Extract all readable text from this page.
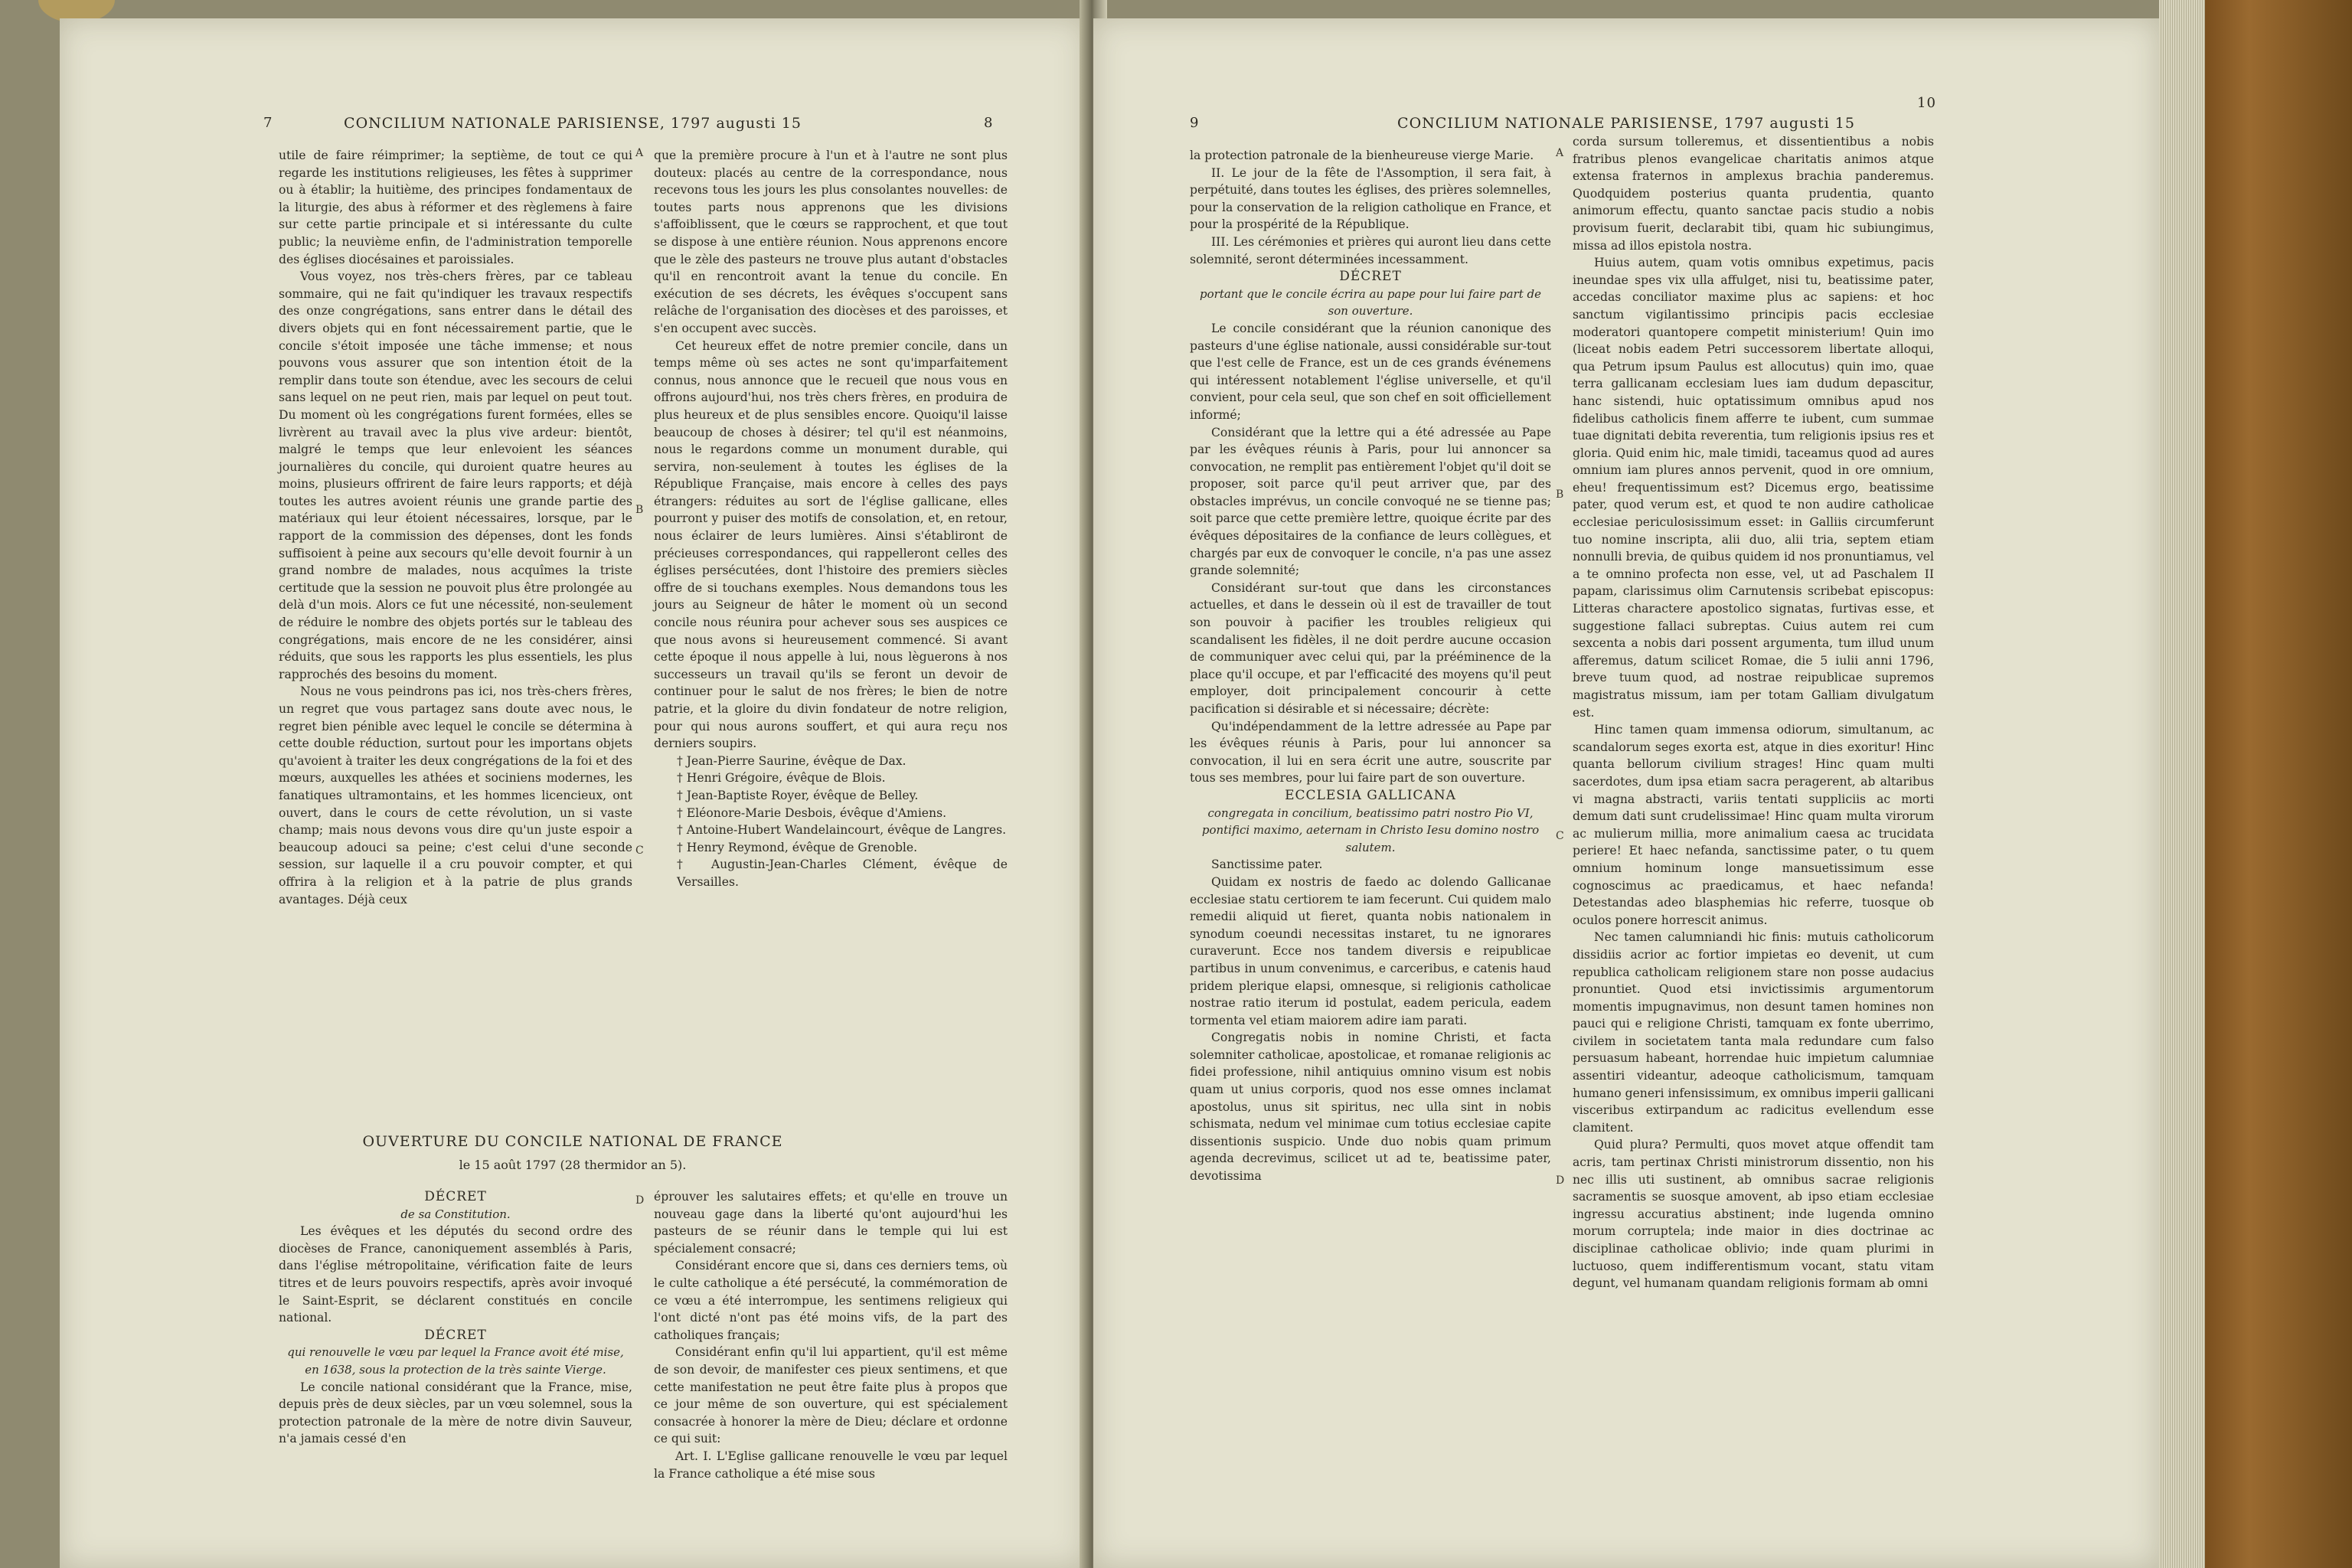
7	CONCILIUM NATIONALE PARISIENSE, 1797 augusti 15	8

utile de faire réimprimer; la septième, de tout ce qui regarde les institutions religieuses, les fêtes à supprimer ou à établir; la huitième, des principes fondamentaux de la liturgie, des abus à réformer et des règlemens à faire sur cette partie principale et si intéressante du culte public; la neuvième enfin, de l'administration temporelle des églises diocésaines et paroissiales.

Vous voyez, nos très-chers frères, par ce tableau sommaire, qui ne fait qu'indiquer les travaux respectifs des onze congrégations, sans entrer dans le détail des divers objets qui en font nécessairement partie, que le concile s'étoit imposée une tâche immense; et nous pouvons vous assurer que son intention étoit de la remplir dans toute son étendue, avec les secours de celui sans lequel on ne peut rien, mais par lequel on peut tout. Du moment où les congrégations furent formées, elles se livrèrent au travail avec la plus vive ardeur: bientôt, malgré le temps que leur enlevoient les séances journalières du concile, qui duroient quatre heures au moins, plusieurs offrirent de faire leurs rapports; et déjà toutes les autres avoient réunis une grande partie des matériaux qui leur étoient nécessaires, lorsque, par le rapport de la commission des dépenses, dont les fonds suffisoient à peine aux secours qu'elle devoit fournir à un grand nombre de malades, nous acquîmes la triste certitude que la session ne pouvoit plus être prolongée au delà d'un mois. Alors ce fut une nécessité, non-seulement de réduire le nombre des objets portés sur le tableau des congrégations, mais encore de ne les considérer, ainsi réduits, que sous les rapports les plus essentiels, les plus rapprochés des besoins du moment.

Nous ne vous peindrons pas ici, nos très-chers frères, un regret que vous partagez sans doute avec nous, le regret bien pénible avec lequel le concile se détermina à cette double réduction, surtout pour les importans objets qu'avoient à traiter les deux congrégations de la foi et des mœurs, auxquelles les athées et sociniens modernes, les fanatiques ultramontains, et les hommes licencieux, ont ouvert, dans le cours de cette révolution, un si vaste champ; mais nous devons vous dire qu'un juste espoir a beaucoup adouci sa peine; c'est celui d'une seconde session, sur laquelle il a cru pouvoir compter, et qui offrira à la religion et à la patrie de plus grands avantages. Déjà ceux

que la première procure à l'un et à l'autre ne sont plus douteux: placés au centre de la correspondance, nous recevons tous les jours les plus consolantes nouvelles: de toutes parts nous apprenons que les divisions s'affoiblissent, que le cœurs se rapprochent, et que tout se dispose à une entière réunion. Nous apprenons encore que le zèle des pasteurs ne trouve plus autant d'obstacles qu'il en rencontroit avant la tenue du concile. En exécution de ses décrets, les évêques s'occupent sans relâche de l'organisation des diocèses et des paroisses, et s'en occupent avec succès.

Cet heureux effet de notre premier concile, dans un temps même où ses actes ne sont qu'imparfaitement connus, nous annonce que le recueil que nous vous en offrons aujourd'hui, nos très chers frères, en produira de plus heureux et de plus sensibles encore. Quoiqu'il laisse beaucoup de choses à désirer; tel qu'il est néanmoins, nous le regardons comme un monument durable, qui servira, non-seulement à toutes les églises de la République Française, mais encore à celles des pays étrangers: réduites au sort de l'église gallicane, elles pourront y puiser des motifs de consolation, et, en retour, nous éclairer de leurs lumières. Ainsi s'établiront de précieuses correspondances, qui rappelleront celles des églises persécutées, dont l'histoire des premiers siècles offre de si touchans exemples. Nous demandons tous les jours au Seigneur de hâter le moment où un second concile nous réunira pour achever sous ses auspices ce que nous avons si heureusement commencé. Si avant cette époque il nous appelle à lui, nous lèguerons à nos successeurs un travail qu'ils se feront un devoir de continuer pour le salut de nos frères; le bien de notre patrie, et la gloire du divin fondateur de notre religion, pour qui nous aurons souffert, et qui aura reçu nos derniers soupirs.

† Jean-Pierre Saurine, évêque de Dax.

† Henri Grégoire, évêque de Blois.

† Jean-Baptiste Royer, évêque de Belley.

† Eléonore-Marie Desbois, évêque d'Amiens.

† Antoine-Hubert Wandelaincourt, évêque de Langres.

† Henry Reymond, évêque de Grenoble.

† Augustin-Jean-Charles Clément, évêque de Versailles.

A
B
C
D
OUVERTURE DU CONCILE NATIONAL DE FRANCE
le 15 août 1797 (28 thermidor an 5).

DÉCRET

de sa Constitution.

Les évêques et les députés du second ordre des diocèses de France, canoniquement assemblés à Paris, dans l'église métropolitaine, vérification faite de leurs titres et de leurs pouvoirs respectifs, après avoir invoqué le Saint-Esprit, se déclarent constitués en concile national.

DÉCRET

qui renouvelle le vœu par lequel la France avoit été mise, en 1638, sous la protection de la très sainte Vierge.

Le concile national considérant que la France, mise, depuis près de deux siècles, par un vœu solemnel, sous la protection patronale de la mère de notre divin Sauveur, n'a jamais cessé d'en

éprouver les salutaires effets; et qu'elle en trouve un nouveau gage dans la liberté qu'ont aujourd'hui les pasteurs de se réunir dans le temple qui lui est spécialement consacré;

Considérant encore que si, dans ces derniers tems, où le culte catholique a été persécuté, la commémoration de ce vœu a été interrompue, les sentimens religieux qui l'ont dicté n'ont pas été moins vifs, de la part des catholiques français;

Considérant enfin qu'il lui appartient, qu'il est même de son devoir, de manifester ces pieux sentimens, et que cette manifestation ne peut être faite plus à propos que ce jour même de son ouverture, qui est spécialement consacrée à honorer la mère de Dieu; déclare et ordonne ce qui suit:

Art. I. L'Eglise gallicane renouvelle le vœu par lequel la France catholique a été mise sous

9	CONCILIUM NATIONALE PARISIENSE, 1797 augusti 15
10

la protection patronale de la bienheureuse vierge Marie.

II. Le jour de la fête de l'Assomption, il sera fait, à perpétuité, dans toutes les églises, des prières solemnelles, pour la conservation de la religion catholique en France, et pour la prospérité de la République.

III. Les cérémonies et prières qui auront lieu dans cette solemnité, seront déterminées incessamment.

DÉCRET

portant que le concile écrira au pape pour lui faire part de son ouverture.

Le concile considérant que la réunion canonique des pasteurs d'une église nationale, aussi considérable sur-tout que l'est celle de France, est un de ces grands événemens qui intéressent notablement l'église universelle, et qu'il convient, pour cela seul, que son chef en soit officiellement informé;

Considérant que la lettre qui a été adressée au Pape par les évêques réunis à Paris, pour lui annoncer sa convocation, ne remplit pas entièrement l'objet qu'il doit se proposer, soit parce qu'il peut arriver que, par des obstacles imprévus, un concile convoqué ne se tienne pas; soit parce que cette première lettre, quoique écrite par des évêques dépositaires de la confiance de leurs collègues, et chargés par eux de convoquer le concile, n'a pas une assez grande solemnité;

Considérant sur-tout que dans les circonstances actuelles, et dans le dessein où il est de travailler de tout son pouvoir à pacifier les troubles religieux qui scandalisent les fidèles, il ne doit perdre aucune occasion de communiquer avec celui qui, par la prééminence de la place qu'il occupe, et par l'efficacité des moyens qu'il peut employer, doit principalement concourir à cette pacification si désirable et si nécessaire; décrète:

Qu'indépendamment de la lettre adressée au Pape par les évêques réunis à Paris, pour lui annoncer sa convocation, il lui en sera écrit une autre, souscrite par tous ses membres, pour lui faire part de son ouverture.

ECCLESIA GALLICANA

congregata in concilium, beatissimo patri nostro Pio VI, pontifici maximo, aeternam in Christo Iesu domino nostro salutem.

Sanctissime pater.

Quidam ex nostris de faedo ac dolendo Gallicanae ecclesiae statu certiorem te iam fecerunt. Cui quidem malo remedii aliquid ut fieret, quanta nobis nationalem in synodum coeundi necessitas instaret, tu ne ignorares curaverunt. Ecce nos tandem diversis e reipublicae partibus in unum convenimus, e carceribus, e catenis haud pridem plerique elapsi, omnesque, si religionis catholicae nostrae ratio iterum id postulat, eadem pericula, eadem tormenta vel etiam maiorem adire iam parati.

Congregatis nobis in nomine Christi, et facta solemniter catholicae, apostolicae, et romanae religionis ac fidei professione, nihil antiquius omnino visum est nobis quam ut unius corporis, quod nos esse omnes inclamat apostolus, unus sit spiritus, nec ulla sint in nobis schismata, nedum vel minimae cum totius ecclesiae capite dissentionis suspicio. Unde duo nobis quam primum agenda decrevimus, scilicet ut ad te, beatissime pater, devotissima

corda sursum tolleremus, et dissentientibus a nobis fratribus plenos evangelicae charitatis animos atque extensa fraternos in amplexus brachia panderemus. Quodquidem posterius quanta prudentia, quanto animorum effectu, quanto sanctae pacis studio a nobis provisum fuerit, declarabit tibi, quam hic subiungimus, missa ad illos epistola nostra.

Huius autem, quam votis omnibus expetimus, pacis ineundae spes vix ulla affulget, nisi tu, beatissime pater, accedas conciliator maxime plus ac sapiens: et hoc sanctum vigilantissimo principis pacis ecclesiae moderatori quantopere competit ministerium! Quin imo (liceat nobis eadem Petri successorem libertate alloqui, qua Petrum ipsum Paulus est allocutus) quin imo, quae terra gallicanam ecclesiam lues iam dudum depascitur, hanc sistendi, huic optatissimum omnibus apud nos fidelibus catholicis finem afferre te iubent, cum summae tuae dignitati debita reverentia, tum religionis ipsius res et gloria. Quid enim hic, male timidi, taceamus quod ad aures omnium iam plures annos pervenit, quod in ore omnium, eheu! frequentissimum est? Dicemus ergo, beatissime pater, quod verum est, et quod te non audire catholicae ecclesiae periculosissimum esset: in Galliis circumferunt tuo nomine inscripta, alii duo, alii tria, septem etiam nonnulli brevia, de quibus quidem id nos pronuntiamus, vel a te omnino profecta non esse, vel, ut ad Paschalem II papam, clarissimus olim Carnutensis scribebat episcopus: Litteras charactere apostolico signatas, furtivas esse, et suggestione fallaci subreptas. Cuius autem rei cum sexcenta a nobis dari possent argumenta, tum illud unum afferemus, datum scilicet Romae, die 5 iulii anni 1796, breve tuum quod, ad nostrae reipublicae supremos magistratus missum, iam per totam Galliam divulgatum est.

Hinc tamen quam immensa odiorum, simultanum, ac scandalorum seges exorta est, atque in dies exoritur! Hinc quanta bellorum civilium strages! Hinc quam multi sacerdotes, dum ipsa etiam sacra peragerent, ab altaribus vi magna abstracti, variis tentati suppliciis ac morti demum dati sunt crudelissimae! Hinc quam multa virorum ac mulierum millia, more animalium caesa ac trucidata periere! Et haec nefanda, sanctissime pater, o tu quem omnium hominum longe mansuetissimum esse cognoscimus ac praedicamus, et haec nefanda! Detestandas adeo blasphemias hic referre, tuosque ob oculos ponere horrescit animus.

Nec tamen calumniandi hic finis: mutuis catholicorum dissidiis acrior ac fortior impietas eo devenit, ut cum republica catholicam religionem stare non posse audacius pronuntiet. Quod etsi invictissimis argumentorum momentis impugnavimus, non desunt tamen homines non pauci qui e religione Christi, tamquam ex fonte uberrimo, civilem in societatem tanta mala redundare cum falso persuasum habeant, horrendae huic impietum calumniae assentiri videantur, adeoque catholicismum, tamquam humano generi infensissimum, ex omnibus imperii gallicani visceribus extirpandum ac radicitus evellendum esse clamitent.

Quid plura? Permulti, quos movet atque offendit tam acris, tam pertinax Christi ministrorum dissentio, non his nec illis uti sustinent, ab omnibus sacrae religionis sacramentis se suosque amovent, ab ipso etiam ecclesiae ingressu accuratius abstinent; inde lugenda omnino morum corruptela; inde maior in dies doctrinae ac disciplinae catholicae oblivio; inde quam plurimi in luctuoso, quem indifferentismum vocant, statu vitam degunt, vel humanam quandam religionis formam ab omni

A
B
C
D
